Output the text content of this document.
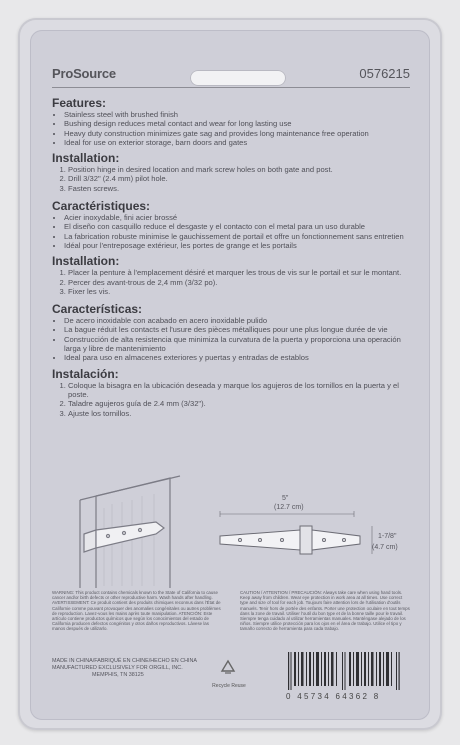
ProSource	0576215
Features:
• Stainless steel with brushed finish
• Bushing design reduces metal contact and wear for long lasting use
• Heavy duty construction minimizes gate sag and provides long maintenance free operation
• Ideal for use on exterior storage, barn doors and gates
Installation:
1. Position hinge in desired location and mark screw holes on both gate and post.
2. Drill 3/32" (2.4 mm) pilot hole.
3. Fasten screws.
Caractéristiques:
• Acier inoxydable, fini acier brossé
• El diseño con casquillo reduce el desgaste y el contacto con el metal para un uso durable
• La fabrication robuste minimise le gauchissement de portail et offre un fonctionnement sans entretien
• Idéal pour l'entreposage extérieur, les portes de grange et les portails
Installation:
1. Placer la penture à l'emplacement désiré et marquer les trous de vis sur le portail et sur le montant.
2. Percer des avant-trous de 2,4 mm (3/32 po).
3. Fixer les vis.
Características:
• De acero inoxidable con acabado en acero inoxidable pulido
• La bague réduit les contacts et l'usure des pièces métalliques pour une plus longue durée de vie
• Construcción de alta resistencia que minimiza la curvatura de la puerta y proporciona una operación larga y libre de mantenimiento
• Ideal para uso en almacenes exteriores y puertas y entradas de establos
Instalación:
1. Coloque la bisagra en la ubicación deseada y marque los agujeros de los tornillos en la puerta y el poste.
2. Taladre agujeros guía de 2.4 mm (3/32").
3. Ajuste los tornillos.
5"
(12.7 cm)
1-7/8"
(4.7 cm)
WARNING: This product contains chemicals known to the State of California to cause cancer and/or birth defects or other reproductive harm. Wash hands after handling. AVERTISSEMENT: Ce produit contient des produits chimiques reconnus dans l'État de Californie comme pouvant provoquer des anomalies congénitales ou autres problèmes de reproduction. Lavez-vous les mains après toute manipulation. ATENCIÓN: Este artículo contiene productos químicos que según los conocimientos del estado de California producen defectos congénitos y otros daños reproductivos. Lávese las manos después de utilizarlo.
CAUTION / ATTENTION / PRECAUCIÓN: Always take care when using hand tools. Keep away from children. Wear eye protection in work area at all times. Use correct type and size of tool for each job. Toujours faire attention lors de l'utilisation d'outils manuels. Tenir hors de portée des enfants. Porter une protection oculaire en tout temps dans la zone de travail. Utiliser l'outil du bon type et de la bonne taille pour le travail. Siempre tenga cuidado al utilizar herramientas manuales. Manténgase alejado de los niños. Siempre utilice protección para los ojos en el área de trabajo. Utilice el tipo y tamaño correcto de herramienta para cada trabajo.
MADE IN CHINA/FABRIQUÉ EN CHINE/HECHO EN CHINA
MANUFACTURED EXCLUSIVELY FOR ORGILL, INC.
MEMPHIS, TN 38125
Recycle Reuse
0 45734 64362 8
